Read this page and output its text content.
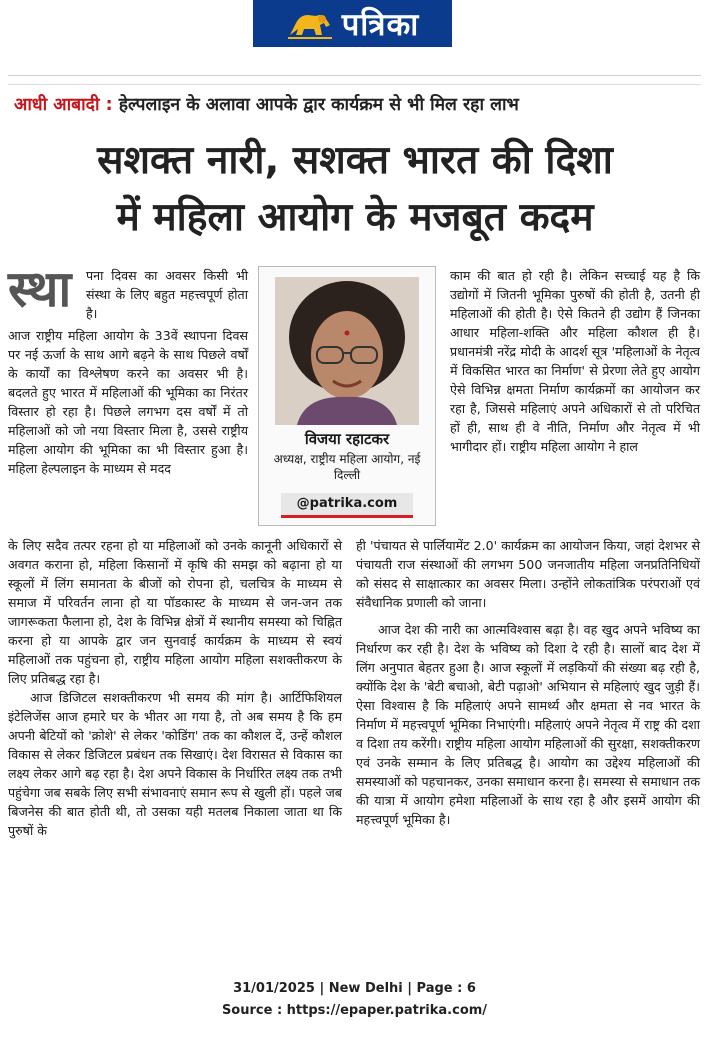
पत्रिका
आधी आबादी : हेल्पलाइन के अलावा आपके द्वार कार्यक्रम से भी मिल रहा लाभ
सशक्त नारी, सशक्त भारत की दिशा
में महिला आयोग के मजबूत कदम
स्था पना दिवस का अवसर किसी भी संस्था के लिए बहुत महत्त्वपूर्ण होता है।

आज राष्ट्रीय महिला आयोग के 33वें स्थापना दिवस पर नई ऊर्जा के साथ आगे बढ़ने के साथ पिछले वर्षों के कार्यों का विश्लेषण करने का अवसर भी है। बदलते हुए भारत में महिलाओं की भूमिका का निरंतर विस्तार हो रहा है। पिछले लगभग दस वर्षों में तो महिलाओं को जो नया विस्तार मिला है, उससे राष्ट्रीय महिला आयोग की भूमिका का भी विस्तार हुआ है। महिला हेल्पलाइन के माध्यम से मदद

विजया रहाटकर
अध्यक्ष, राष्ट्रीय महिला आयोग, नई दिल्ली
@patrika.com

काम की बात हो रही है। लेकिन सच्चाई यह है कि उद्योगों में जितनी भूमिका पुरुषों की होती है, उतनी ही महिलाओं की होती है। ऐसे कितने ही उद्योग हैं जिनका आधार महिला-शक्ति और महिला कौशल ही है। प्रधानमंत्री नरेंद्र मोदी के आदर्श सूत्र 'महिलाओं के नेतृत्व में विकसित भारत का निर्माण' से प्रेरणा लेते हुए आयोग ऐसे विभिन्न क्षमता निर्माण कार्यक्रमों का आयोजन कर रहा है, जिससे महिलाएं अपने अधिकारों से तो परिचित हों ही, साथ ही वे नीति, निर्माण और नेतृत्व में भी भागीदार हों। राष्ट्रीय महिला आयोग ने हाल

के लिए सदैव तत्पर रहना हो या महिलाओं को उनके कानूनी अधिकारों से अवगत कराना हो, महिला किसानों में कृषि की समझ को बढ़ाना हो या स्कूलों में लिंग समानता के बीजों को रोपना हो, चलचित्र के माध्यम से समाज में परिवर्तन लाना हो या पॉडकास्ट के माध्यम से जन-जन तक जागरूकता फैलाना हो, देश के विभिन्न क्षेत्रों में स्थानीय समस्या को चिह्नित करना हो या आपके द्वार जन सुनवाई कार्यक्रम के माध्यम से स्वयं महिलाओं तक पहुंचना हो, राष्ट्रीय महिला आयोग महिला सशक्तीकरण के लिए प्रतिबद्ध रहा है।

आज डिजिटल सशक्तीकरण भी समय की मांग है। आर्टिफिशियल इंटेलिजेंस आज हमारे घर के भीतर आ गया है, तो अब समय है कि हम अपनी बेटियों को 'क्रोशे' से लेकर 'कोडिंग' तक का कौशल दें, उन्हें कौशल विकास से लेकर डिजिटल प्रबंधन तक सिखाएं। देश विरासत से विकास का लक्ष्य लेकर आगे बढ़ रहा है। देश अपने विकास के निर्धारित लक्ष्य तक तभी पहुंचेगा जब सबके लिए सभी संभावनाएं समान रूप से खुली हों। पहले जब बिजनेस की बात होती थी, तो उसका यही मतलब निकाला जाता था कि पुरुषों के

ही 'पंचायत से पार्लियामेंट 2.0' कार्यक्रम का आयोजन किया, जहां देशभर से पंचायती राज संस्थाओं की लगभग 500 जनजातीय महिला जनप्रतिनिधियों को संसद से साक्षात्कार का अवसर मिला। उन्होंने लोकतांत्रिक परंपराओं एवं संवैधानिक प्रणाली को जाना।

आज देश की नारी का आत्मविश्वास बढ़ा है। वह खुद अपने भविष्य का निर्धारण कर रही है। देश के भविष्य को दिशा दे रही है। सालों बाद देश में लिंग अनुपात बेहतर हुआ है। आज स्कूलों में लड़कियों की संख्या बढ़ रही है, क्योंकि देश के 'बेटी बचाओ, बेटी पढ़ाओ' अभियान से महिलाएं खुद जुड़ी हैं। ऐसा विश्वास है कि महिलाएं अपने सामर्थ्य और क्षमता से नव भारत के निर्माण में महत्त्वपूर्ण भूमिका निभाएंगी। महिलाएं अपने नेतृत्व में राष्ट्र की दशा व दिशा तय करेंगी। राष्ट्रीय महिला आयोग महिलाओं की सुरक्षा, सशक्तीकरण एवं उनके सम्मान के लिए प्रतिबद्ध है। आयोग का उद्देश्य महिलाओं की समस्याओं को पहचानकर, उनका समाधान करना है। समस्या से समाधान तक की यात्रा में आयोग हमेशा महिलाओं के साथ रहा है और इसमें आयोग की महत्त्वपूर्ण भूमिका है।

31/01/2025 | New Delhi | Page : 6
Source : https://epaper.patrika.com/
